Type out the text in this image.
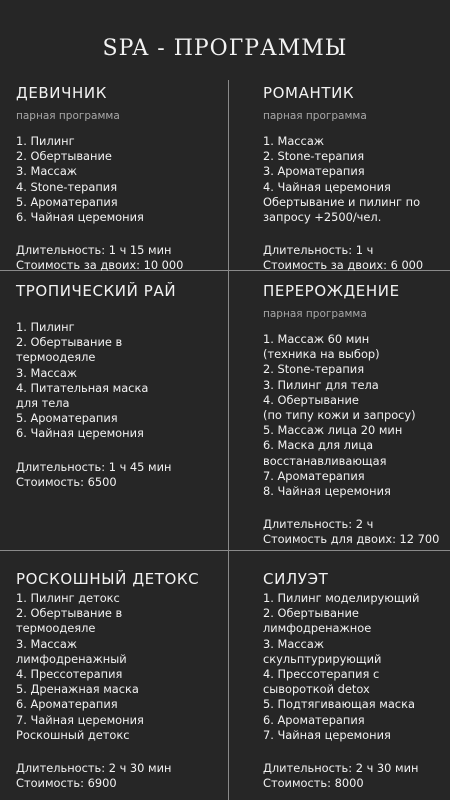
SPA - ПРОГРАММЫ
ДЕВИЧНИК
парная программа
1. Пилинг
2. Обертывание
3. Массаж
4. Stone-терапия
5. Ароматерапия
6. Чайная церемония
Длительность: 1 ч 15 мин
Стоимость за двоих: 10 000
РОМАНТИК
парная программа
1. Массаж
2. Stone-терапия
3. Ароматерапия
4. Чайная церемония
Обертывание и пилинг по
запросу +2500/чел.
Длительность: 1 ч
Стоимость за двоих: 6 000
ТРОПИЧЕСКИЙ РАЙ
1. Пилинг
2. Обертывание в
термоодеяле
3. Массаж
4. Питательная маска
для тела
5. Ароматерапия
6. Чайная церемония
Длительность: 1 ч 45 мин
Стоимость: 6500
ПЕРЕРОЖДЕНИЕ
парная программа
1. Массаж 60 мин
(техника на выбор)
2. Stone-терапия
3. Пилинг для тела
4. Обертывание
(по типу кожи и запросу)
5. Массаж лица 20 мин
6. Маска для лица
восстанавливающая
7. Ароматерапия
8. Чайная церемония
Длительность: 2 ч
Стоимость для двоих: 12 700
РОСКОШНЫЙ ДЕТОКС
1. Пилинг детокс
2. Обертывание в
термоодеяле
3. Массаж
лимфодренажный
4. Прессотерапия
5. Дренажная маска
6. Ароматерапия
7. Чайная церемония
Роскошный детокс
Длительность: 2 ч 30 мин
Стоимость: 6900
СИЛУЭТ
1. Пилинг моделирующий
2. Обертывание
лимфодренажное
3. Массаж
скульптурирующий
4. Прессотерапия с
сывороткой detox
5. Подтягивающая маска
6. Ароматерапия
7. Чайная церемония
Длительность: 2 ч 30 мин
Стоимость: 8000
